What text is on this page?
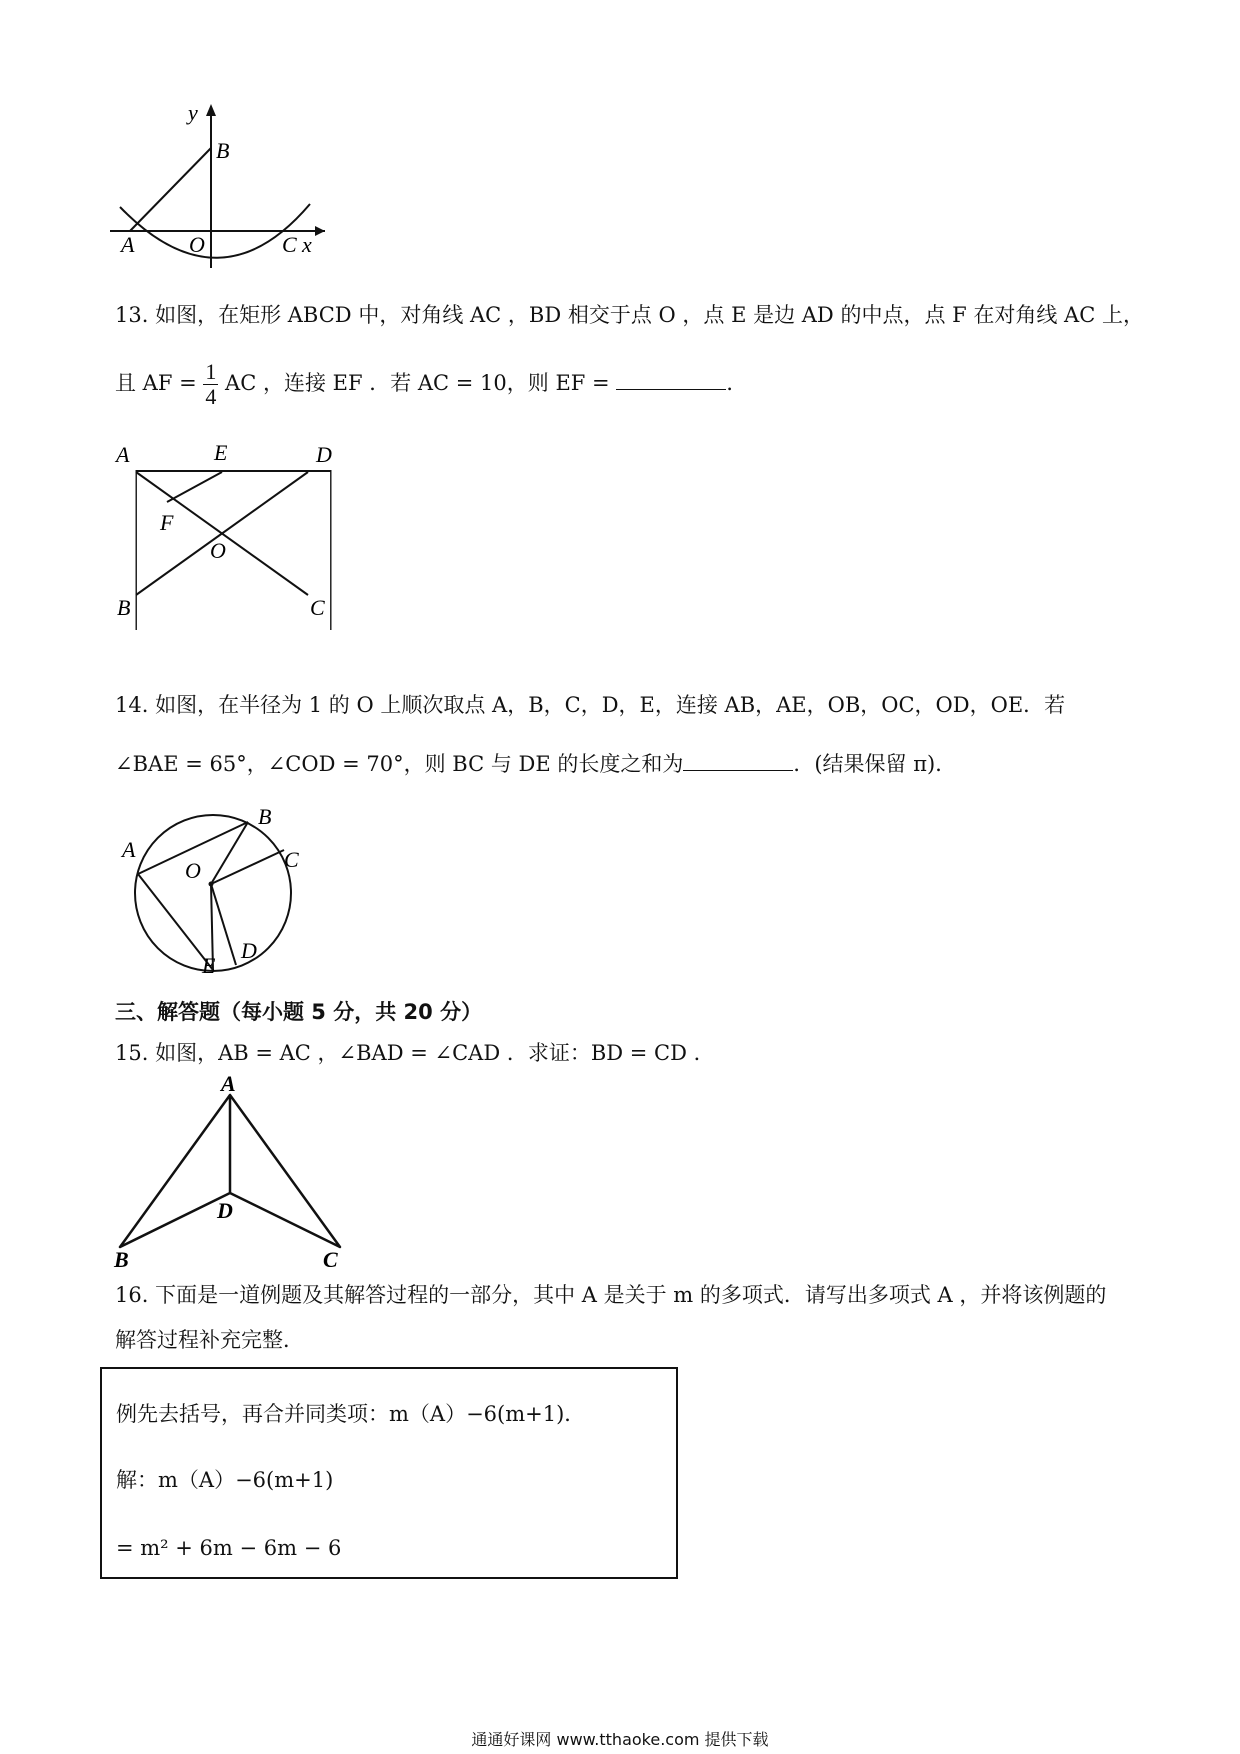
y
B
A O	C x
13. 如图，在矩形 ABCD 中，对角线 AC ，BD 相交于点 O ，点 E 是边 AD 的中点，点 F 在对角线 AC 上，
且 AF = $\frac{1}{4}$ AC ，连接 EF ．若 AC = 10，则 EF =	．
A	E	D
F
O
B	C
14. 如图，在半径为 1 的 O 上顺次取点 A，B，C，D，E，连接 AB，AE，OB，OC，OD，OE．若
∠BAE = 65°，∠COD = 70°，则 BC 与 DE 的长度之和为	．(结果保留 π)．
A
B
C
O
E
D
三、解答题（每小题 5 分，共 20 分）
15. 如图，AB = AC ，∠BAD = ∠CAD ．求证：BD = CD ．
A
D
B	C
16. 下面是一道例题及其解答过程的一部分，其中 A 是关于 m 的多项式．请写出多项式 A ，并将该例题的
解答过程补充完整．
例先去括号，再合并同类项：m（A）−6(m+1)．
解：m（A）−6(m+1)
= m² + 6m − 6m − 6
通通好课网 www.tthaoke.com 提供下载
